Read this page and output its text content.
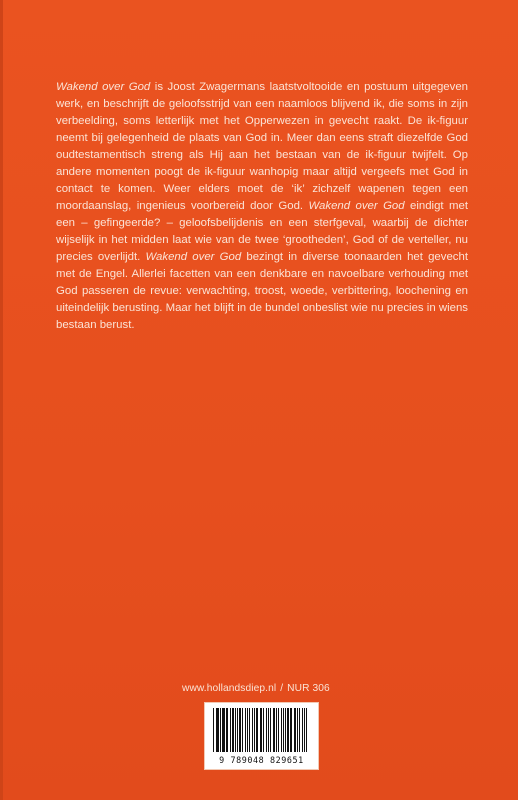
Wakend over God is Joost Zwagermans laatstvoltooide en postuum uitgegeven werk, en beschrijft de geloofsstrijd van een naamloos blijvend ik, die soms in zijn verbeelding, soms letterlijk met het Opperwezen in gevecht raakt. De ik-figuur neemt bij gelegenheid de plaats van God in. Meer dan eens straft diezelfde God oudtestamentisch streng als Hij aan het bestaan van de ik-figuur twijfelt. Op andere momenten poogt de ik-figuur wanhopig maar altijd vergeefs met God in contact te komen. Weer elders moet de ‘ik’ zichzelf wapenen tegen een moordaanslag, ingenieus voorbereid door God. Wakend over God eindigt met een – gefingeerde? – geloofsbelijdenis en een sterfgeval, waarbij de dichter wijselijk in het midden laat wie van de twee ‘grootheden’, God of de verteller, nu precies overlijdt. Wakend over God bezingt in diverse toonaarden het gevecht met de Engel. Allerlei facetten van een denkbare en navoelbare verhouding met God passeren de revue: verwachting, troost, woede, verbittering, loochening en uiteindelijk berusting. Maar het blijft in de bundel onbeslist wie nu precies in wiens bestaan berust.

www.hollandsdiep.nl / NUR 306
9 789048 829651
